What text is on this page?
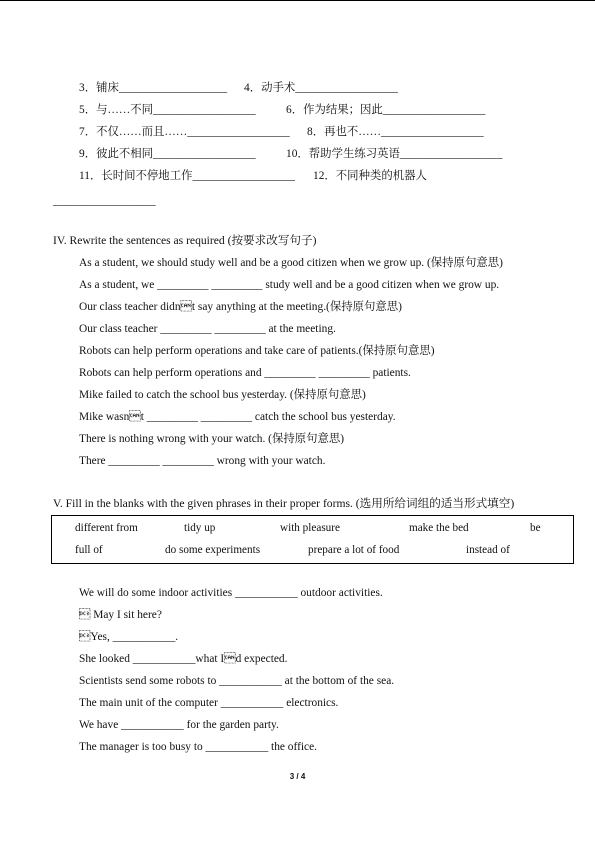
3．铺床___________________ 4．动手术__________________
5．与……不同__________________	6．作为结果；因此__________________
7．不仅……而且……__________________ 8．再也不……__________________
9．彼此不相同__________________	10．帮助学生练习英语__________________
11．长时间不停地工作__________________ 12．不同种类的机器人
__________________
IV. Rewrite the sentences as required (按要求改写句子)
As a student, we should study well and be a good citizen when we grow up. (保持原句意思)
As a student, we _________ _________ study well and be a good citizen when we grow up.
Our class teacher didnt say anything at the meeting.(保持原句意思)
Our class teacher _________ _________ at the meeting.
Robots can help perform operations and take care of patients.(保持原句意思)
Robots can help perform operations and _________ _________ patients.
Mike failed to catch the school bus yesterday. (保持原句意思)
Mike wasnt _________ _________ catch the school bus yesterday.
There is nothing wrong with your watch. (保持原句意思)
There _________ _________ wrong with your watch.
V. Fill in the blanks with the given phrases in their proper forms. (选用所给词组的适当形式填空)
different from	tidy up	with pleasure	make the bed	be
full of	do some experiments	prepare a lot of food	instead of
We will do some indoor activities ___________ outdoor activities.
 May I sit here?
Yes, ___________.
She looked ___________what Id expected.
Scientists send some robots to ___________ at the bottom of the sea.
The main unit of the computer ___________ electronics.
We have ___________ for the garden party.
The manager is too busy to ___________ the office.
3 / 4
